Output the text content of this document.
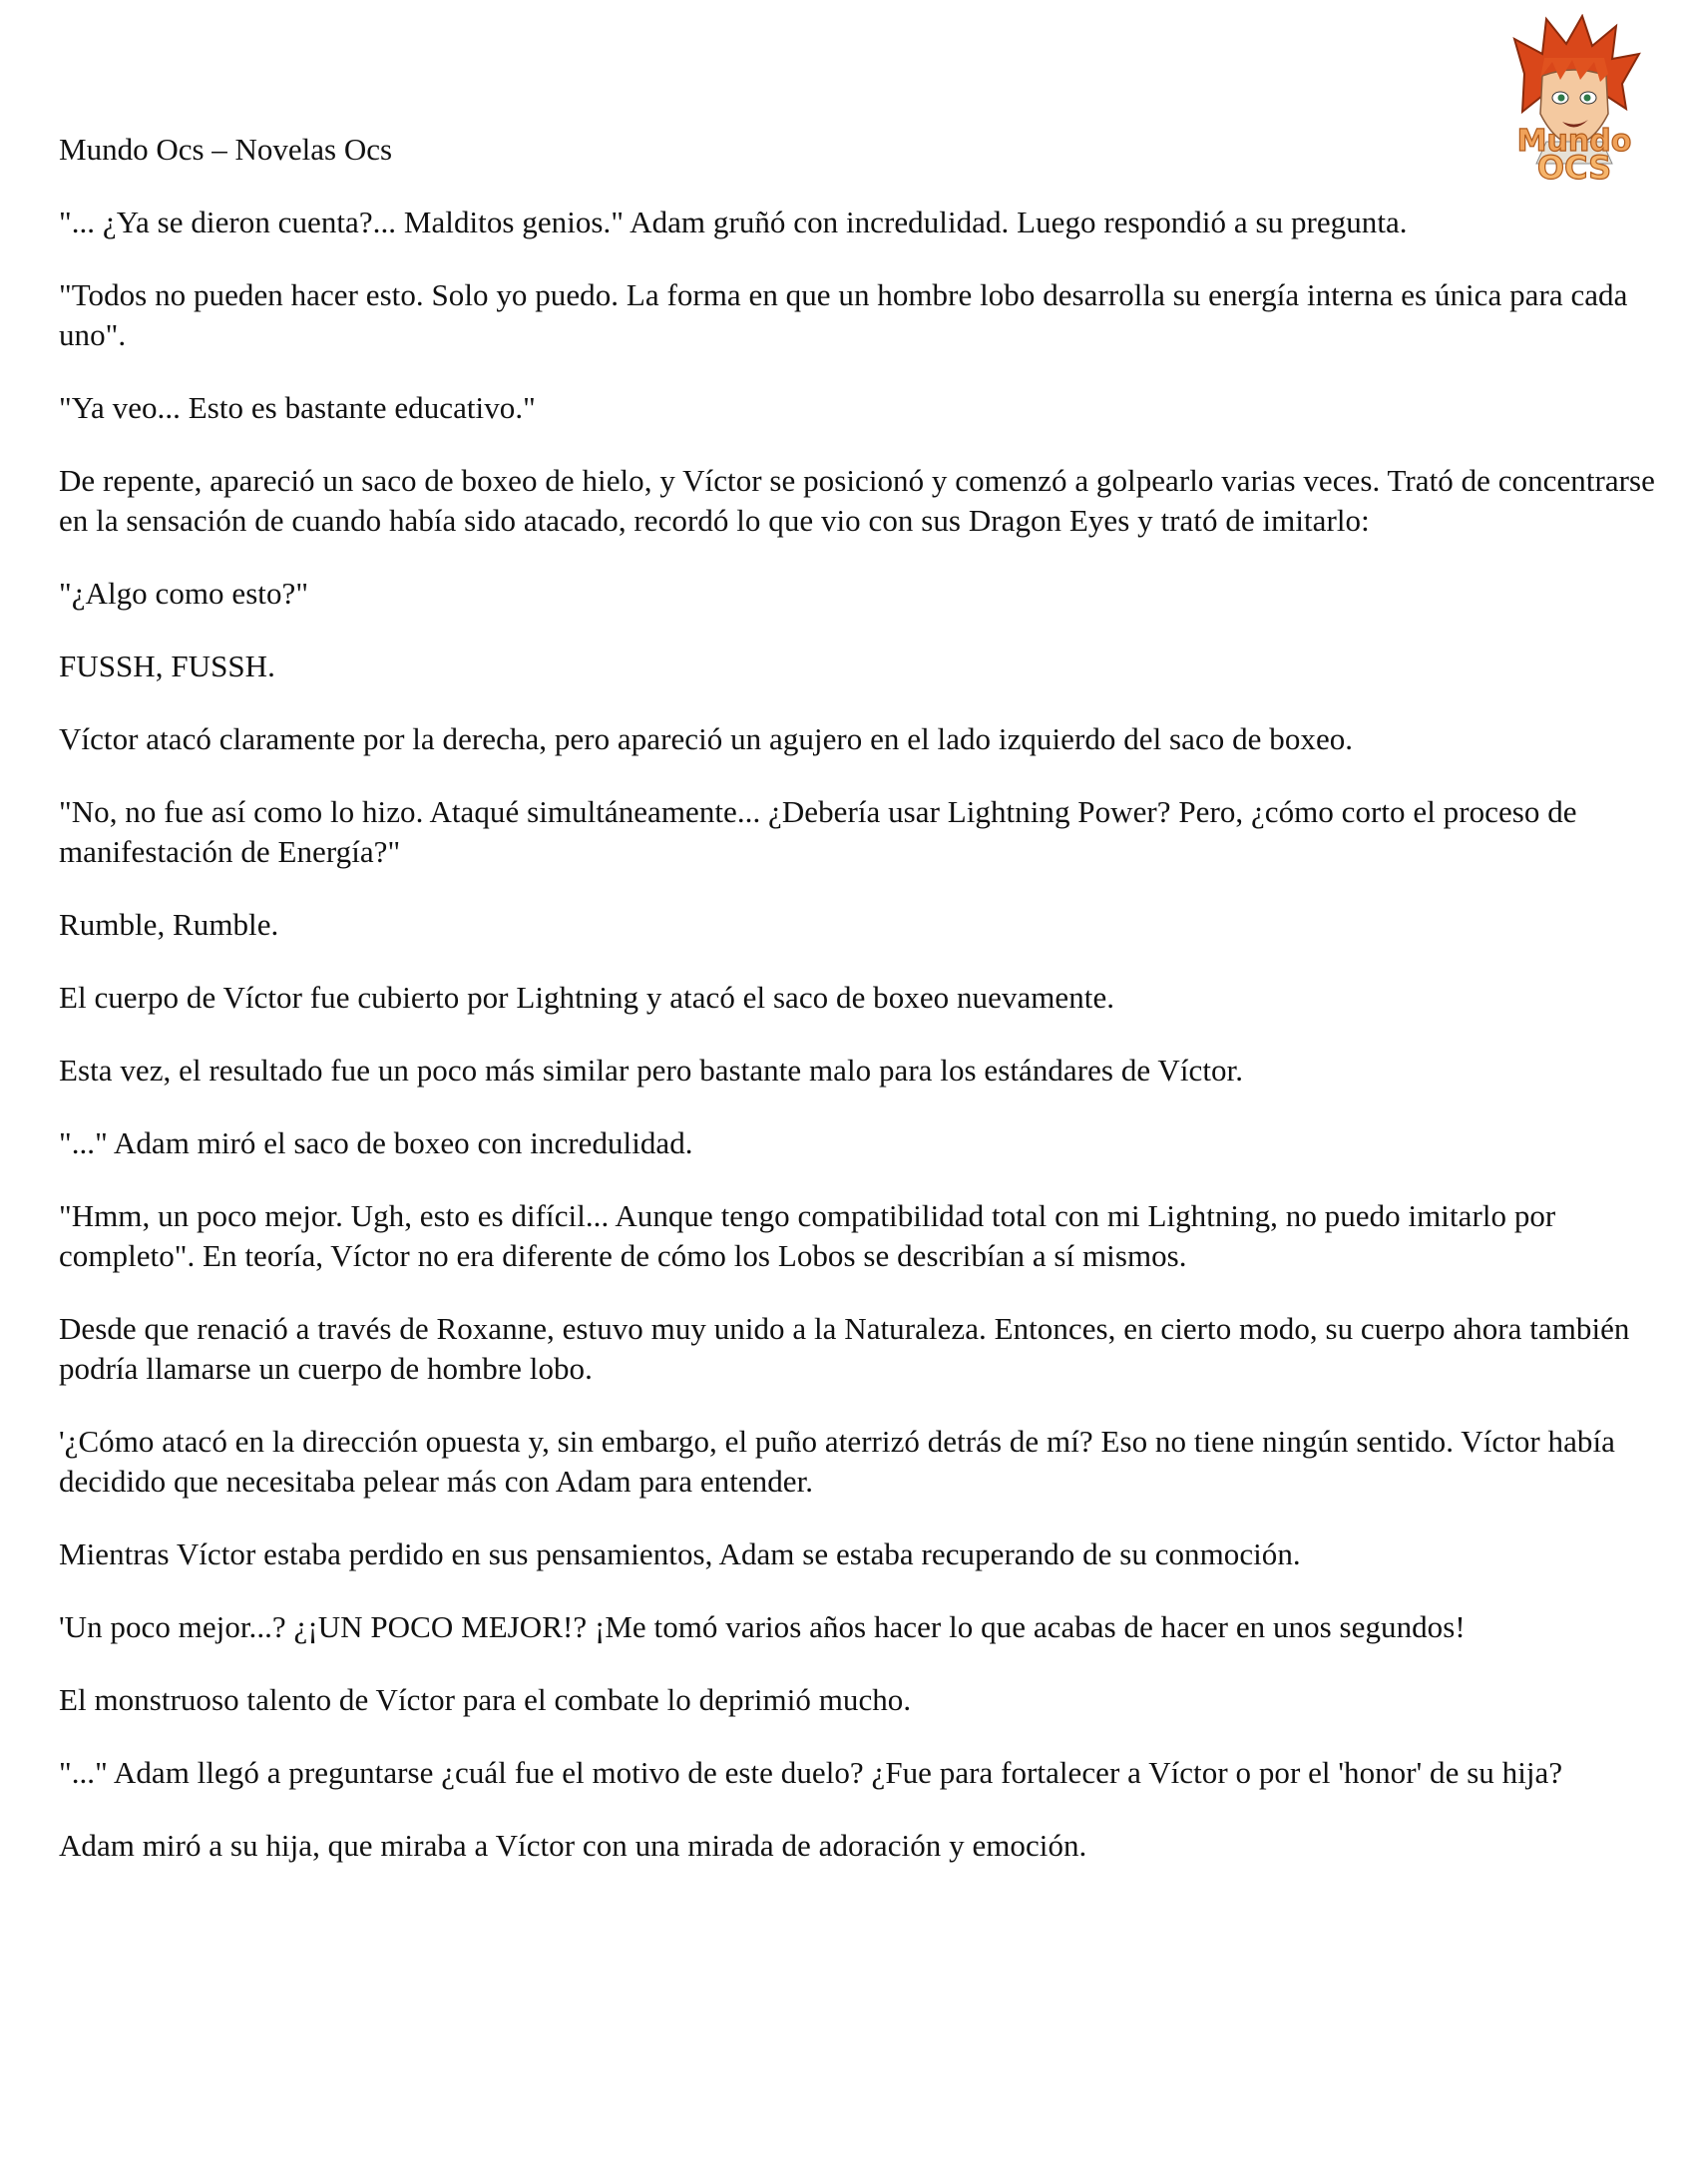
Mundo
OCS

Mundo Ocs – Novelas Ocs

"... ¿Ya se dieron cuenta?... Malditos genios." Adam gruñó con incredulidad. Luego respondió a su pregunta.

"Todos no pueden hacer esto. Solo yo puedo. La forma en que un hombre lobo desarrolla su energía interna es única para cada uno".

"Ya veo... Esto es bastante educativo."

De repente, apareció un saco de boxeo de hielo, y Víctor se posicionó y comenzó a golpearlo varias veces. Trató de concentrarse en la sensación de cuando había sido atacado, recordó lo que vio con sus Dragon Eyes y trató de imitarlo:

"¿Algo como esto?"

FUSSH, FUSSH.

Víctor atacó claramente por la derecha, pero apareció un agujero en el lado izquierdo del saco de boxeo.

"No, no fue así como lo hizo. Ataqué simultáneamente... ¿Debería usar Lightning Power? Pero, ¿cómo corto el proceso de manifestación de Energía?"

Rumble, Rumble.

El cuerpo de Víctor fue cubierto por Lightning y atacó el saco de boxeo nuevamente.

Esta vez, el resultado fue un poco más similar pero bastante malo para los estándares de Víctor.

"..." Adam miró el saco de boxeo con incredulidad.

"Hmm, un poco mejor. Ugh, esto es difícil... Aunque tengo compatibilidad total con mi Lightning, no puedo imitarlo por completo". En teoría, Víctor no era diferente de cómo los Lobos se describían a sí mismos.

Desde que renació a través de Roxanne, estuvo muy unido a la Naturaleza. Entonces, en cierto modo, su cuerpo ahora también podría llamarse un cuerpo de hombre lobo.

'¿Cómo atacó en la dirección opuesta y, sin embargo, el puño aterrizó detrás de mí? Eso no tiene ningún sentido. Víctor había decidido que necesitaba pelear más con Adam para entender.

Mientras Víctor estaba perdido en sus pensamientos, Adam se estaba recuperando de su conmoción.

'Un poco mejor...? ¿¡UN POCO MEJOR!? ¡Me tomó varios años hacer lo que acabas de hacer en unos segundos!

El monstruoso talento de Víctor para el combate lo deprimió mucho.

"..." Adam llegó a preguntarse ¿cuál fue el motivo de este duelo? ¿Fue para fortalecer a Víctor o por el 'honor' de su hija?

Adam miró a su hija, que miraba a Víctor con una mirada de adoración y emoción.
